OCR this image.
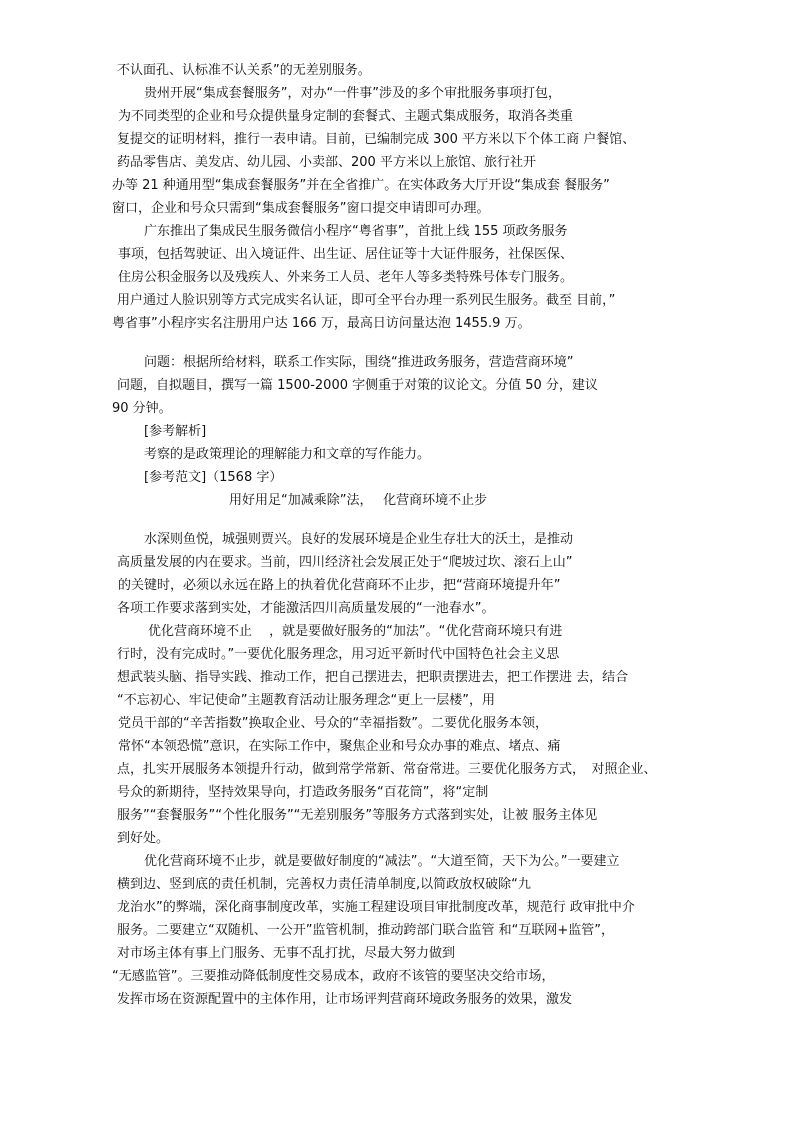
不认面孔、认标准不认关系”的无差别服务。

贵州开展“集成套餐服务”，对办“一件事”涉及的多个审批服务事项打包，

为不同类型的企业和号众提供量身定制的套餐式、主题式集成服务，取消各类重

复提交的证明材料，推行一表申请。目前，已编制完成 300 平方米以下个体工商 户餐馆、

药品零售店、美发店、幼儿园、小卖部、200 平方米以上旅馆、旅行社开

办等 21 种通用型“集成套餐服务”并在全省推广。在实体政务大厅开设“集成套 餐服务”

窗口，企业和号众只需到“集成套餐服务”窗口提交申请即可办理。

广东推出了集成民生服务微信小程序“粤省事”，首批上线 155 项政务服务

事项，包括驾驶证、出入境证件、出生证、居住证等十大证件服务，社保医保、

住房公积金服务以及残疾人、外来务工人员、老年人等多类特殊号体专门服务。

用户通过人脸识别等方式完成实名认证，即可全平台办理一系列民生服务。截至 目前，”

粤省事”小程序实名注册用户达 166 万，最高日访问量达泡 1455.9 万。

问题：根据所给材料，联系工作实际，围绕“推进政务服务，营造营商环境”

问题，自拟题目，撰写一篇 1500-2000 字侧重于对策的议论文。分值 50 分，建议

90 分钟。

[参考解析]

考察的是政策理论的理解能力和文章的写作能力。

[参考范文]（1568 字）

用好用足“加减乘除”法，　 化营商环境不止步

水深则鱼悦，城强则贾兴。良好的发展环境是企业生存壮大的沃土，是推动

高质量发展的内在要求。当前，四川经济社会发展正处于“爬坡过坎、滚石上山”

的关键时，必须以永远在路上的执着优化营商环不止步，把“营商环境提升年”

各项工作要求落到实处，才能激活四川高质量发展的“一池春水”。

优化营商环境不止　 ，就是要做好服务的“加法”。“优化营商环境只有进

行时，没有完成时。”一要优化服务理念，用习近平新时代中国特色社会主义思

想武装头脑、指导实践、推动工作，把自己摆进去，把职责摆进去，把工作摆进 去，结合

“不忘初心、牢记使命”主题教育活动让服务理念“更上一层楼”，用

党员干部的“辛苦指数”换取企业、号众的“幸福指数”。二要优化服务本领，

常怀“本领恐慌”意识，在实际工作中，聚焦企业和号众办事的难点、堵点、痛

点，扎实开展服务本领提升行动，做到常学常新、常奋常进。三要优化服务方式，　对照企业、

号众的新期待，坚持效果导向，打造政务服务“百花筒”，将“定制

服务”“套餐服务”“个性化服务”“无差别服务”等服务方式落到实处，让被 服务主体见

到好处。

优化营商环境不止步，就是要做好制度的“减法”。“大道至简，天下为公。”一要建立

横到边、竖到底的责任机制，完善权力责任清单制度,以简政放权破除“九

龙治水”的弊端，深化商事制度改革，实施工程建设项目审批制度改革，规范行 政审批中介

服务。二要建立“双随机、一公开”监管机制，推动跨部门联合监管 和“互联网+监管”，

对市场主体有事上门服务、无事不乱打扰，尽最大努力做到

“无感监管”。三要推动降低制度性交易成本，政府不该管的要坚决交给市场，

发挥市场在资源配置中的主体作用，让市场评判营商环境政务服务的效果，激发
